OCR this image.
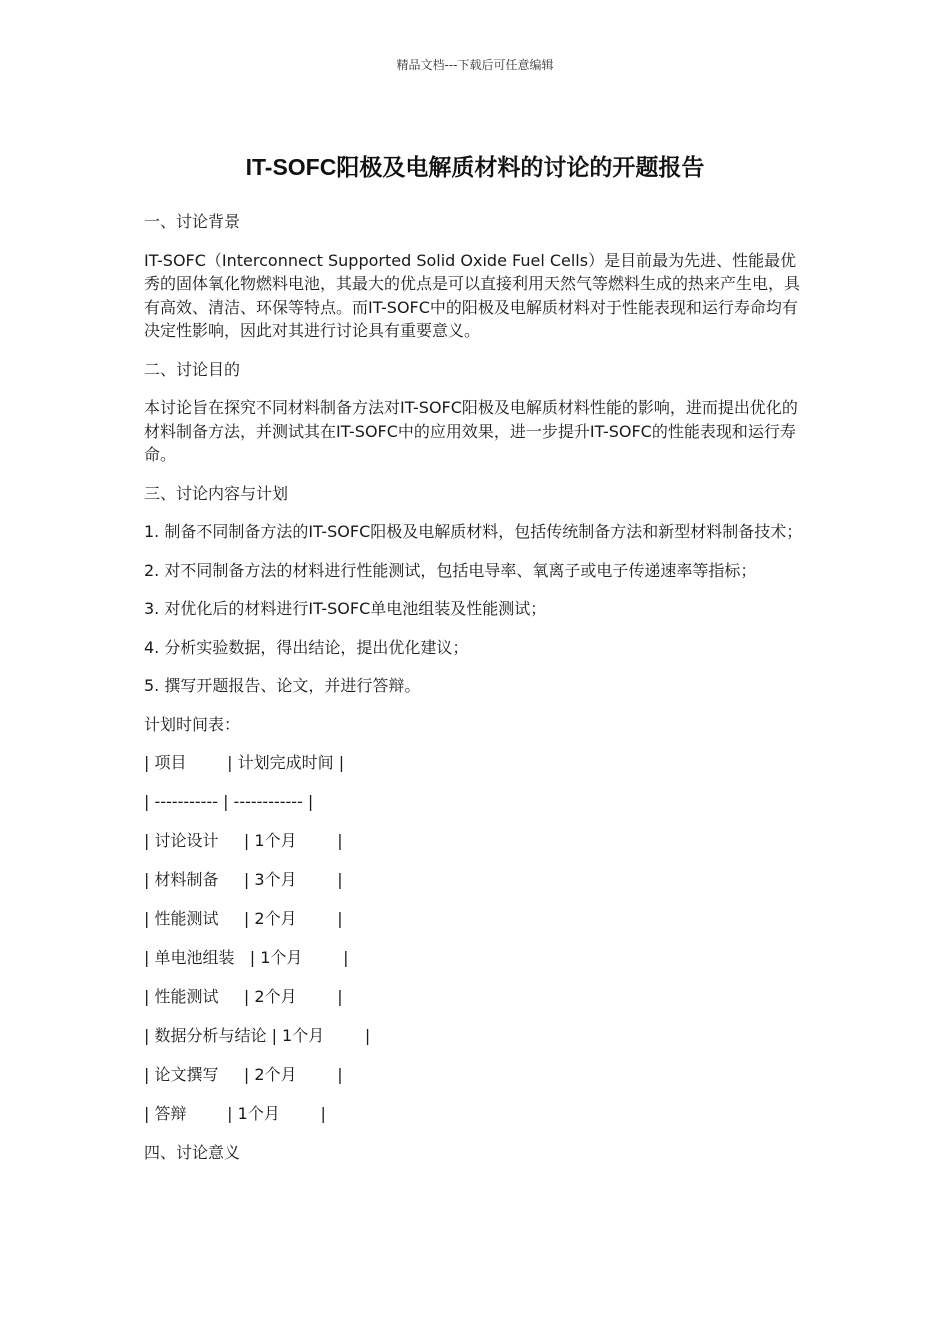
精品文档---下载后可任意编辑
IT-SOFC阳极及电解质材料的讨论的开题报告

一、讨论背景

IT-SOFC（Interconnect Supported Solid Oxide Fuel Cells）是目前最为先进、性能最优秀的固体氧化物燃料电池，其最大的优点是可以直接利用天然气等燃料生成的热来产生电，具有高效、清洁、环保等特点。而IT-SOFC中的阳极及电解质材料对于性能表现和运行寿命均有决定性影响，因此对其进行讨论具有重要意义。

二、讨论目的

本讨论旨在探究不同材料制备方法对IT-SOFC阳极及电解质材料性能的影响，进而提出优化的材料制备方法，并测试其在IT-SOFC中的应用效果，进一步提升IT-SOFC的性能表现和运行寿命。

三、讨论内容与计划

1. 制备不同制备方法的IT-SOFC阳极及电解质材料，包括传统制备方法和新型材料制备技术；

2. 对不同制备方法的材料进行性能测试，包括电导率、氧离子或电子传递速率等指标；

3. 对优化后的材料进行IT-SOFC单电池组装及性能测试；

4. 分析实验数据，得出结论，提出优化建议；

5. 撰写开题报告、论文，并进行答辩。

计划时间表：

| 项目        | 计划完成时间 |

| ----------- | ------------ |

| 讨论设计     | 1个月        |

| 材料制备     | 3个月        |

| 性能测试     | 2个月        |

| 单电池组装   | 1个月        |

| 性能测试     | 2个月        |

| 数据分析与结论 | 1个月        |

| 论文撰写     | 2个月        |

| 答辩        | 1个月        |

四、讨论意义
